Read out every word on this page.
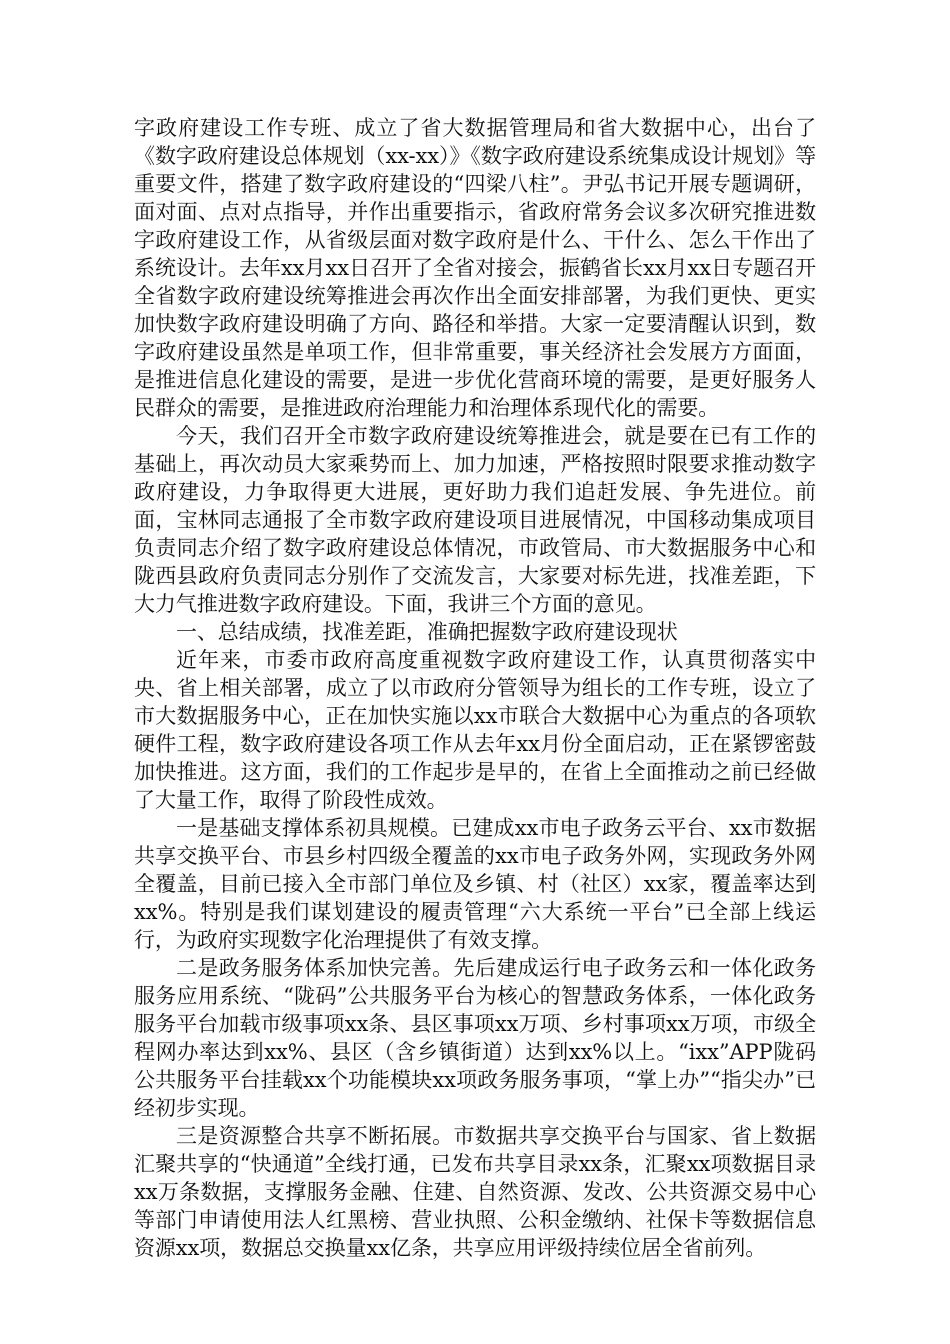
字政府建设工作专班、成立了省大数据管理局和省大数据中心，出台了《数字政府建设总体规划（xx-xx）》《数字政府建设系统集成设计规划》等重要文件，搭建了数字政府建设的“四梁八柱”。尹弘书记开展专题调研，面对面、点对点指导，并作出重要指示，省政府常务会议多次研究推进数字政府建设工作，从省级层面对数字政府是什么、干什么、怎么干作出了系统设计。去年xx月xx日召开了全省对接会，振鹤省长xx月xx日专题召开全省数字政府建设统筹推进会再次作出全面安排部署，为我们更快、更实加快数字政府建设明确了方向、路径和举措。大家一定要清醒认识到，数字政府建设虽然是单项工作，但非常重要，事关经济社会发展方方面面，是推进信息化建设的需要，是进一步优化营商环境的需要，是更好服务人民群众的需要，是推进政府治理能力和治理体系现代化的需要。

今天，我们召开全市数字政府建设统筹推进会，就是要在已有工作的基础上，再次动员大家乘势而上、加力加速，严格按照时限要求推动数字政府建设，力争取得更大进展，更好助力我们追赶发展、争先进位。前面，宝林同志通报了全市数字政府建设项目进展情况，中国移动集成项目负责同志介绍了数字政府建设总体情况，市政管局、市大数据服务中心和陇西县政府负责同志分别作了交流发言，大家要对标先进，找准差距，下大力气推进数字政府建设。下面，我讲三个方面的意见。

一、总结成绩，找准差距，准确把握数字政府建设现状

近年来，市委市政府高度重视数字政府建设工作，认真贯彻落实中央、省上相关部署，成立了以市政府分管领导为组长的工作专班，设立了市大数据服务中心，正在加快实施以xx市联合大数据中心为重点的各项软硬件工程，数字政府建设各项工作从去年xx月份全面启动，正在紧锣密鼓加快推进。这方面，我们的工作起步是早的，在省上全面推动之前已经做了大量工作，取得了阶段性成效。

一是基础支撑体系初具规模。已建成xx市电子政务云平台、xx市数据共享交换平台、市县乡村四级全覆盖的xx市电子政务外网，实现政务外网全覆盖，目前已接入全市部门单位及乡镇、村（社区）xx家，覆盖率达到xx%。特别是我们谋划建设的履责管理“六大系统一平台”已全部上线运行，为政府实现数字化治理提供了有效支撑。

二是政务服务体系加快完善。先后建成运行电子政务云和一体化政务服务应用系统、“陇码”公共服务平台为核心的智慧政务体系，一体化政务服务平台加载市级事项xx条、县区事项xx万项、乡村事项xx万项，市级全程网办率达到xx%、县区（含乡镇街道）达到xx%以上。“ixx”APP陇码公共服务平台挂载xx个功能模块xx项政务服务事项，“掌上办”“指尖办”已经初步实现。

三是资源整合共享不断拓展。市数据共享交换平台与国家、省上数据汇聚共享的“快通道”全线打通，已发布共享目录xx条，汇聚xx项数据目录xx万条数据，支撑服务金融、住建、自然资源、发改、公共资源交易中心等部门申请使用法人红黑榜、营业执照、公积金缴纳、社保卡等数据信息资源xx项，数据总交换量xx亿条，共享应用评级持续位居全省前列。
